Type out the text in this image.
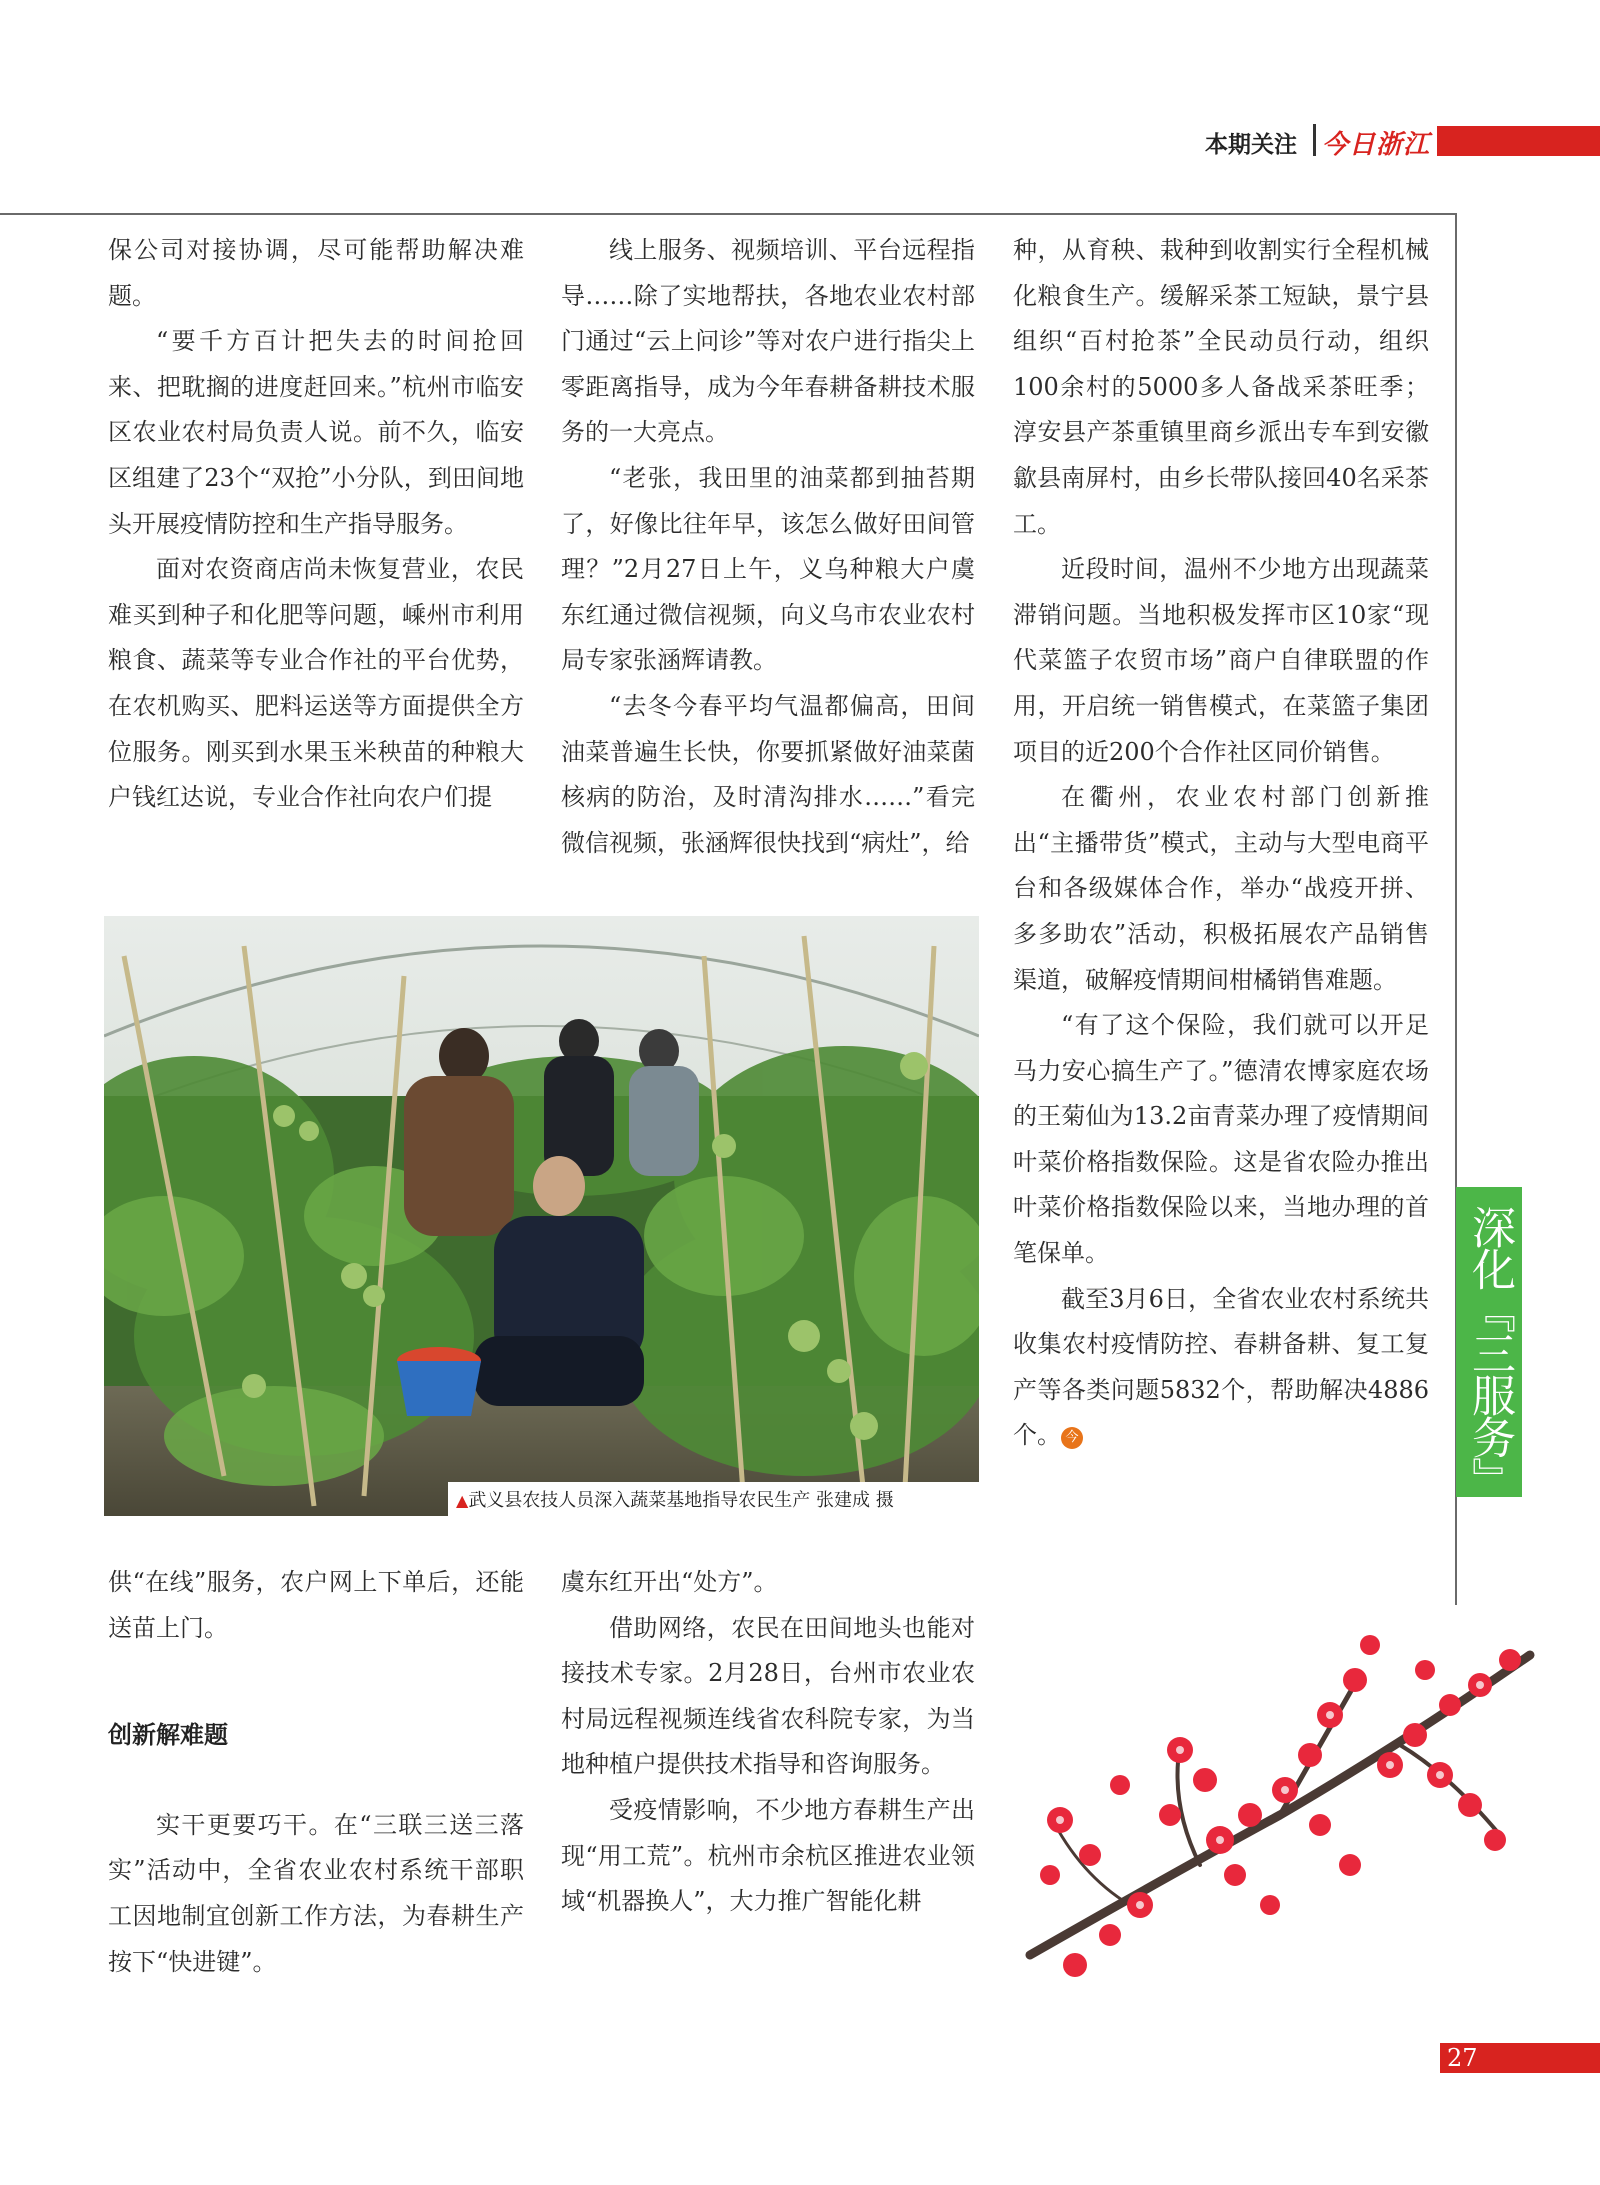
本期关注 今日浙江

保公司对接协调，尽可能帮助解决难题。

“要千方百计把失去的时间抢回来、把耽搁的进度赶回来。”杭州市临安区农业农村局负责人说。前不久，临安区组建了23个“双抢”小分队，到田间地头开展疫情防控和生产指导服务。

面对农资商店尚未恢复营业，农民难买到种子和化肥等问题，嵊州市利用粮食、蔬菜等专业合作社的平台优势，在农机购买、肥料运送等方面提供全方位服务。刚买到水果玉米秧苗的种粮大户钱红达说，专业合作社向农户们提

线上服务、视频培训、平台远程指导……除了实地帮扶，各地农业农村部门通过“云上问诊”等对农户进行指尖上零距离指导，成为今年春耕备耕技术服务的一大亮点。

“老张，我田里的油菜都到抽苔期了，好像比往年早，该怎么做好田间管理？”2月27日上午，义乌种粮大户虞东红通过微信视频，向义乌市农业农村局专家张涵辉请教。

“去冬今春平均气温都偏高，田间油菜普遍生长快，你要抓紧做好油菜菌核病的防治，及时清沟排水……”看完微信视频，张涵辉很快找到“病灶”，给

种，从育秧、栽种到收割实行全程机械化粮食生产。缓解采茶工短缺，景宁县组织“百村抢茶”全民动员行动，组织100余村的5000多人备战采茶旺季；淳安县产茶重镇里商乡派出专车到安徽歙县南屏村，由乡长带队接回40名采茶工。

近段时间，温州不少地方出现蔬菜滞销问题。当地积极发挥市区10家“现代菜篮子农贸市场”商户自律联盟的作用，开启统一销售模式，在菜篮子集团项目的近200个合作社区同价销售。

在衢州，农业农村部门创新推出“主播带货”模式，主动与大型电商平台和各级媒体合作，举办“战疫开拼、多多助农”活动，积极拓展农产品销售渠道，破解疫情期间柑橘销售难题。

“有了这个保险，我们就可以开足马力安心搞生产了。”德清农博家庭农场的王菊仙为13.2亩青菜办理了疫情期间叶菜价格指数保险。这是省农险办推出叶菜价格指数保险以来，当地办理的首笔保单。

截至3月6日，全省农业农村系统共收集农村疫情防控、春耕备耕、复工复产等各类问题5832个，帮助解决4886个。 今

▲武义县农技人员深入蔬菜基地指导农民生产 张建成 摄

供“在线”服务，农户网上下单后，还能送苗上门。

创新解难题

实干更要巧干。在“三联三送三落实”活动中，全省农业农村系统干部职工因地制宜创新工作方法，为春耕生产按下“快进键”。

虞东红开出“处方”。

借助网络，农民在田间地头也能对接技术专家。2月28日，台州市农业农村局远程视频连线省农科院专家，为当地种植户提供技术指导和咨询服务。

受疫情影响，不少地方春耕生产出现“用工荒”。杭州市余杭区推进农业领域“机器换人”，大力推广智能化耕

深化『三服务』
27
